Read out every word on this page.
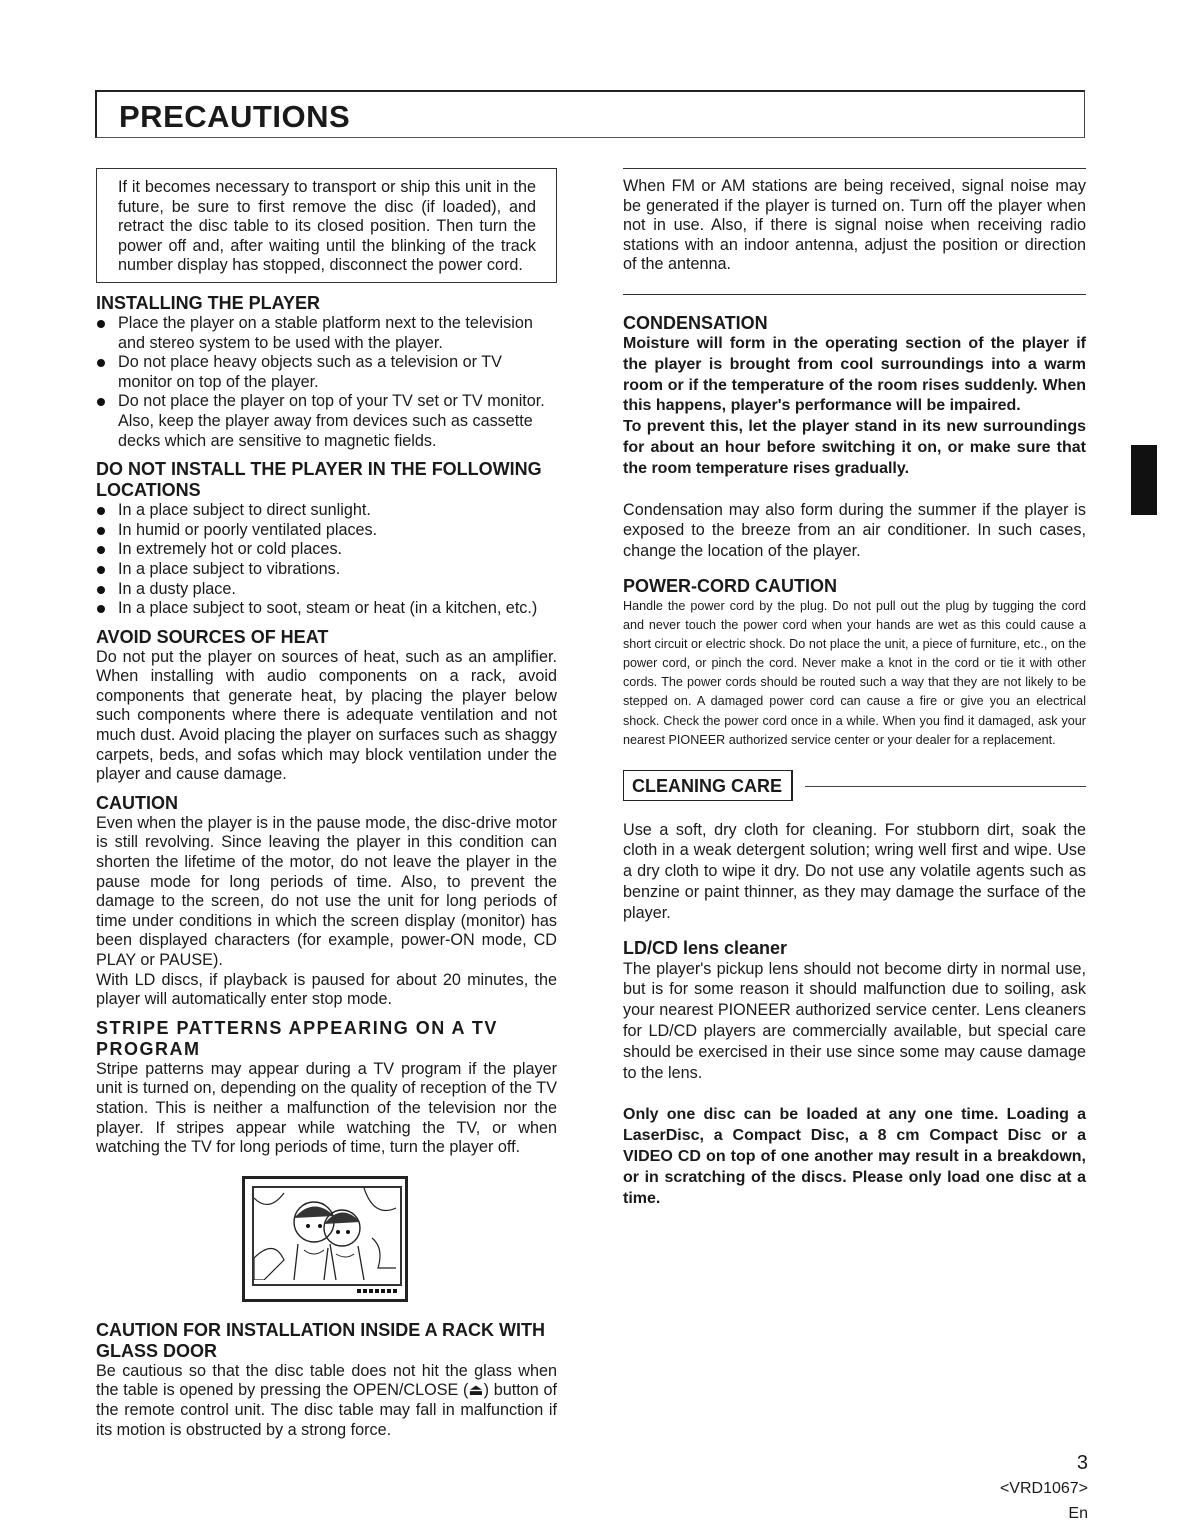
PRECAUTIONS
If it becomes necessary to transport or ship this unit in the future, be sure to first remove the disc (if loaded), and retract the disc table to its closed position. Then turn the power off and, after waiting until the blinking of the track number display has stopped, disconnect the power cord.
INSTALLING THE PLAYER
Place the player on a stable platform next to the television and stereo system to be used with the player.
Do not place heavy objects such as a television or TV monitor on top of the player.
Do not place the player on top of your TV set or TV monitor. Also, keep the player away from devices such as cassette decks which are sensitive to magnetic fields.
DO NOT INSTALL THE PLAYER IN THE FOLLOWING LOCATIONS
In a place subject to direct sunlight.
In humid or poorly ventilated places.
In extremely hot or cold places.
In a place subject to vibrations.
In a dusty place.
In a place subject to soot, steam or heat (in a kitchen, etc.)
AVOID SOURCES OF HEAT

Do not put the player on sources of heat, such as an amplifier. When installing with audio components on a rack, avoid components that generate heat, by placing the player below such components where there is adequate ventilation and not much dust. Avoid placing the player on surfaces such as shaggy carpets, beds, and sofas which may block ventilation under the player and cause damage.

CAUTION

Even when the player is in the pause mode, the disc-drive motor is still revolving. Since leaving the player in this condition can shorten the lifetime of the motor, do not leave the player in the pause mode for long periods of time. Also, to prevent the damage to the screen, do not use the unit for long periods of time under conditions in which the screen display (monitor) has been displayed characters (for example, power-ON mode, CD PLAY or PAUSE).

With LD discs, if playback is paused for about 20 minutes, the player will automatically enter stop mode.

STRIPE PATTERNS APPEARING ON A TV PROGRAM

Stripe patterns may appear during a TV program if the player unit is turned on, depending on the quality of reception of the TV station. This is neither a malfunction of the television nor the player. If stripes appear while watching the TV, or when watching the TV for long periods of time, turn the player off.

CAUTION FOR INSTALLATION INSIDE A RACK WITH GLASS DOOR

Be cautious so that the disc table does not hit the glass when the table is opened by pressing the OPEN/CLOSE (⏏) button of the remote control unit. The disc table may fall in malfunction if its motion is obstructed by a strong force.

When FM or AM stations are being received, signal noise may be generated if the player is turned on. Turn off the player when not in use. Also, if there is signal noise when receiving radio stations with an indoor antenna, adjust the position or direction of the antenna.

CONDENSATION

Moisture will form in the operating section of the player if the player is brought from cool surroundings into a warm room or if the temperature of the room rises suddenly. When this happens, player's performance will be impaired.

To prevent this, let the player stand in its new surroundings for about an hour before switching it on, or make sure that the room temperature rises gradually.

Condensation may also form during the summer if the player is exposed to the breeze from an air conditioner. In such cases, change the location of the player.

POWER-CORD CAUTION

Handle the power cord by the plug. Do not pull out the plug by tugging the cord and never touch the power cord when your hands are wet as this could cause a short circuit or electric shock. Do not place the unit, a piece of furniture, etc., on the power cord, or pinch the cord. Never make a knot in the cord or tie it with other cords. The power cords should be routed such a way that they are not likely to be stepped on. A damaged power cord can cause a fire or give you an electrical shock. Check the power cord once in a while. When you find it damaged, ask your nearest PIONEER authorized service center or your dealer for a replacement.

CLEANING CARE

Use a soft, dry cloth for cleaning. For stubborn dirt, soak the cloth in a weak detergent solution; wring well first and wipe. Use a dry cloth to wipe it dry. Do not use any volatile agents such as benzine or paint thinner, as they may damage the surface of the player.

LD/CD lens cleaner

The player's pickup lens should not become dirty in normal use, but is for some reason it should malfunction due to soiling, ask your nearest PIONEER authorized service center. Lens cleaners for LD/CD players are commercially available, but special care should be exercised in their use since some may cause damage to the lens.

Only one disc can be loaded at any one time. Loading a LaserDisc, a Compact Disc, a 8 cm Compact Disc or a VIDEO CD on top of one another may result in a breakdown, or in scratching of the discs. Please only load one disc at a time.

3
<VRD1067>
En
